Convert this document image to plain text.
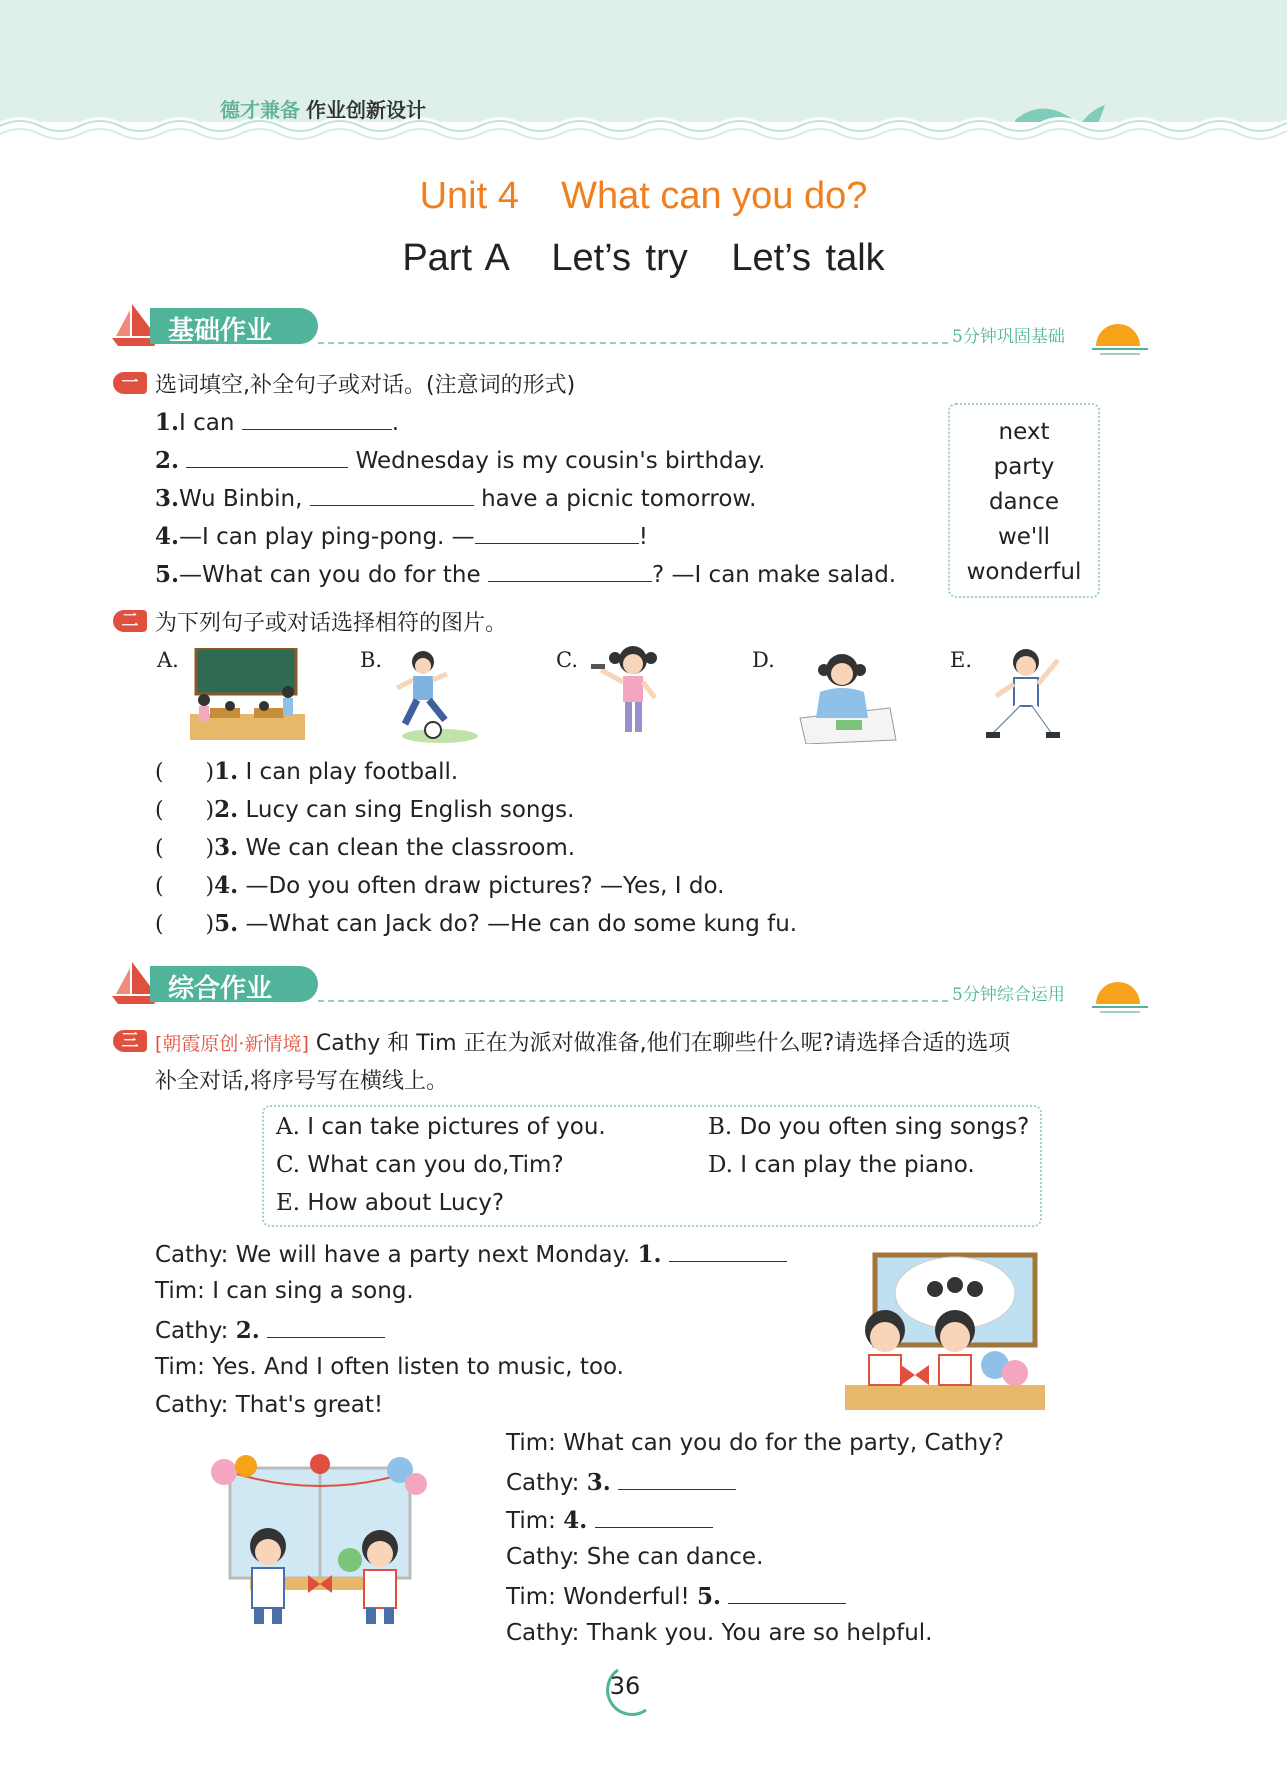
德才兼备 作业创新设计
Unit 4    What can you do?
Part A   Let’s try   Let’s talk
基础作业	5分钟巩固基础
一 选词填空,补全句子或对话。(注意词的形式)
1.I can	.
2.	Wednesday is my cousin's birthday.
3.Wu Binbin,	have a picnic tomorrow.
4.—I can play ping-pong. —	!
5.—What can you do for the	? —I can make salad.
next
party
dance
we'll
wonderful
二 为下列句子或对话选择相符的图片。
A.	B.	C.	D.	E.
(      )1. I can play football.
(      )2. Lucy can sing English songs.
(      )3. We can clean the classroom.
(      )4. —Do you often draw pictures? —Yes, I do.
(      )5. —What can Jack do? —He can do some kung fu.
综合作业	5分钟综合运用
三 [朝霞原创·新情境] Cathy 和 Tim 正在为派对做准备,他们在聊些什么呢?请选择合适的选项
补全对话,将序号写在横线上。
A. I can take pictures of you.	B. Do you often sing songs?
C. What can you do,Tim?	D. I can play the piano.
E. How about Lucy?
Cathy: We will have a party next Monday. 1.
Tim: I can sing a song.
Cathy: 2.
Tim: Yes. And I often listen to music, too.
Cathy: That's great!
Tim: What can you do for the party, Cathy?
Cathy: 3.
Tim: 4.
Cathy: She can dance.
Tim: Wonderful! 5.
Cathy: Thank you. You are so helpful.
36
